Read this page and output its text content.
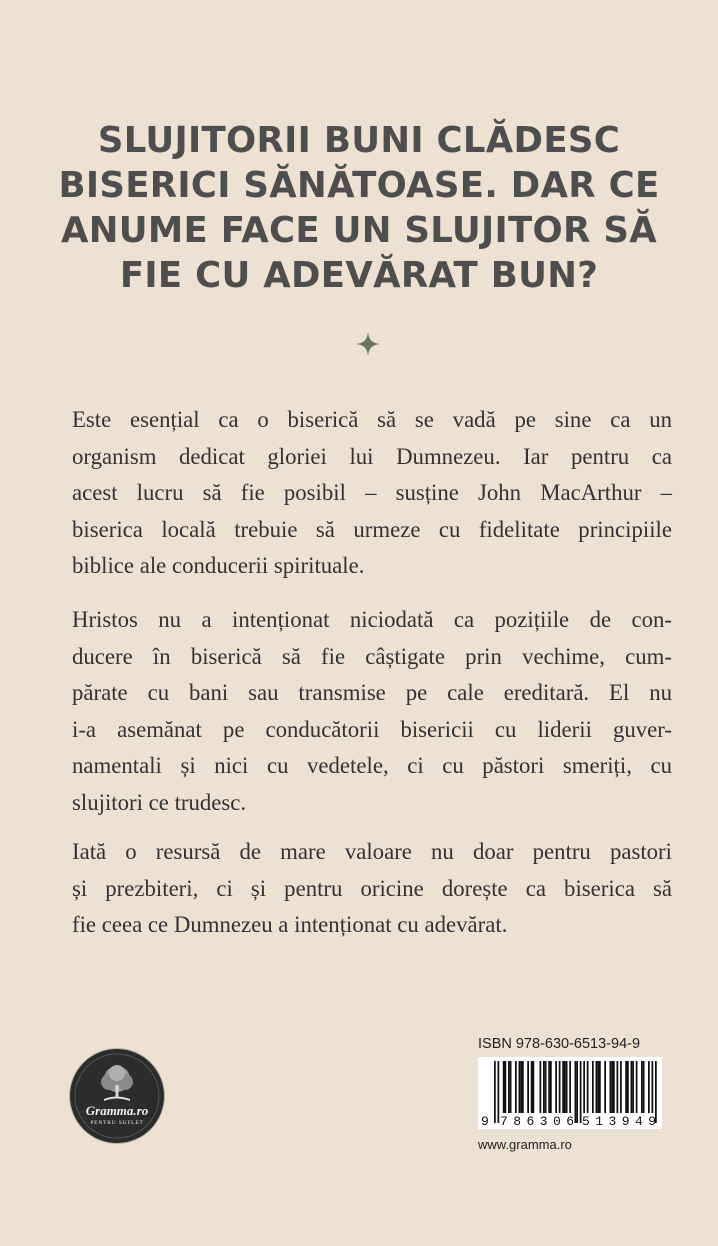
SLUJITORII BUNI CLĂDESC
BISERICI SĂNĂTOASE. DAR CE
ANUME FACE UN SLUJITOR SĂ
FIE CU ADEVĂRAT BUN?

Este esențial ca o biserică să se vadă pe sine ca un
organism dedicat gloriei lui Dumnezeu. Iar pentru ca
acest lucru să fie posibil – susține John MacArthur –
biserica locală trebuie să urmeze cu fidelitate principiile
biblice ale conducerii spirituale.

Hristos nu a intenționat niciodată ca pozițiile de con-
ducere în biserică să fie câștigate prin vechime, cum-
părate cu bani sau transmise pe cale ereditară. El nu
i-a asemănat pe conducătorii bisericii cu liderii guver-
namentali și nici cu vedetele, ci cu păstori smeriți, cu
slujitori ce trudesc.

Iată o resursă de mare valoare nu doar pentru pastori
și prezbiteri, ci și pentru oricine dorește ca biserica să
fie ceea ce Dumnezeu a intenționat cu adevărat.

Gramma.ro
PENTRU SUFLET
ISBN 978-630-6513-94-9
9 786306 513949
www.gramma.ro
